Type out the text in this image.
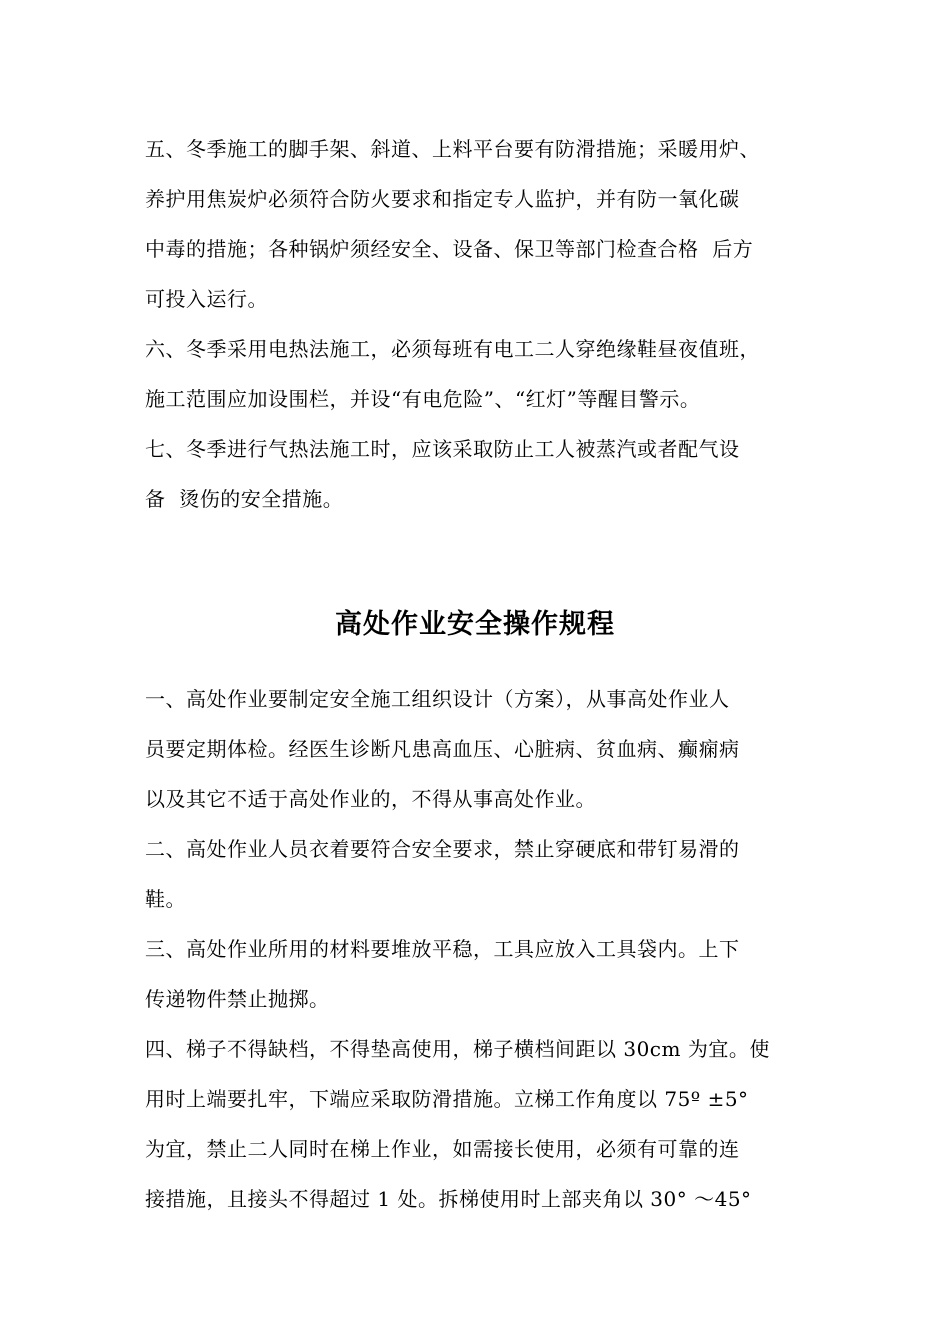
五、冬季施工的脚手架、斜道、上料平台要有防滑措施；采暖用炉、
养护用焦炭炉必须符合防火要求和指定专人监护，并有防一氧化碳
中毒的措施；各种锅炉须经安全、设备、保卫等部门检查合格  后方
可投入运行。
六、冬季采用电热法施工，必须每班有电工二人穿绝缘鞋昼夜值班，
施工范围应加设围栏，并设“有电危险”、“红灯”等醒目警示。
七、冬季进行气热法施工时，应该采取防止工人被蒸汽或者配气设
备  烫伤的安全措施。
高处作业安全操作规程
一、高处作业要制定安全施工组织设计（方案），从事高处作业人
员要定期体检。经医生诊断凡患高血压、心脏病、贫血病、癫痫病
以及其它不适于高处作业的，不得从事高处作业。
二、高处作业人员衣着要符合安全要求，禁止穿硬底和带钉易滑的
鞋。
三、高处作业所用的材料要堆放平稳，工具应放入工具袋内。上下
传递物件禁止抛掷。
四、梯子不得缺档，不得垫高使用，梯子横档间距以 30cm 为宜。使
用时上端要扎牢，下端应采取防滑措施。立梯工作角度以 75º ±5°
为宜，禁止二人同时在梯上作业，如需接长使用，必须有可靠的连
接措施，且接头不得超过 1 处。拆梯使用时上部夹角以 30° ～45°
